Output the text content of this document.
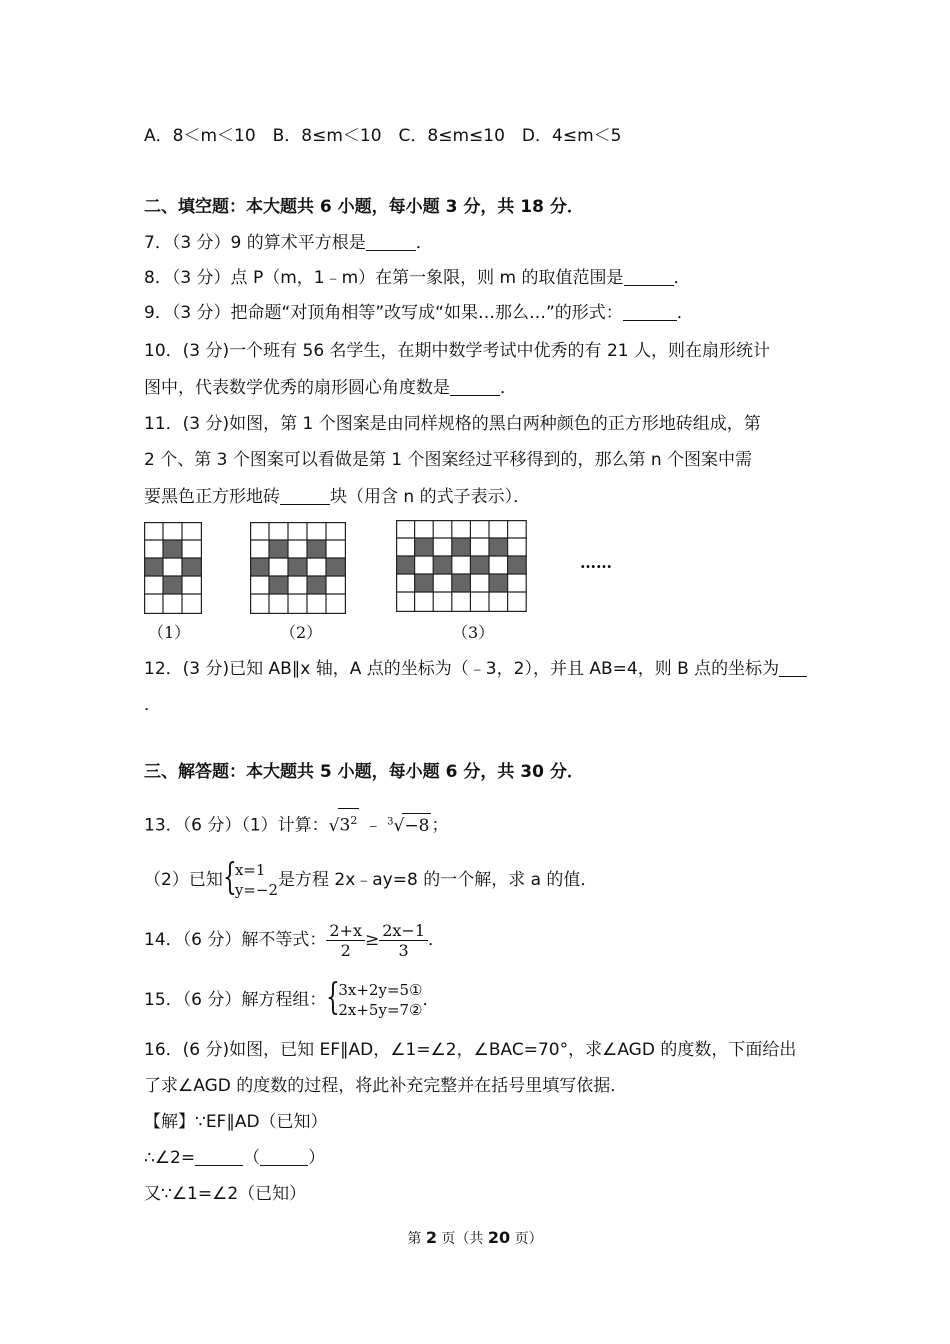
A．8＜m＜10　B．8≤m＜10　C．8≤m≤10　D．4≤m＜5
二、填空题：本大题共 6 小题，每小题 3 分，共 18 分．
7．（3 分）9 的算术平方根是	．
8．（3 分）点 P（m，1﹣m）在第一象限，则 m 的取值范围是	．
9．（3 分）把命题“对顶角相等”改写成“如果…那么…”的形式：	．
10．(3 分)一个班有 56 名学生，在期中数学考试中优秀的有 21 人，则在扇形统计
图中，代表数学优秀的扇形圆心角度数是	．
11．(3 分)如图，第 1 个图案是由同样规格的黑白两种颜色的正方形地砖组成，第
2 个、第 3 个图案可以看做是第 1 个图案经过平移得到的，那么第 n 个图案中需
要黑色正方形地砖	块（用含 n 的式子表示）．
（1）	（2）	（3）
……
12．(3 分)已知 AB∥x 轴，A 点的坐标为（﹣3，2），并且 AB=4，则 B 点的坐标为
．
三、解答题：本大题共 5 小题，每小题 6 分，共 30 分．
13．（6 分）（1）计算：$√3^2$ ﹣ $^3$√−8 ；
（2）已知 {
x=1
y=−2 是方程 2x﹣ay=8 的一个解，求 a 的值．
14．（6 分）解不等式： $\frac{2+x}{2} \ge \frac{2x-1}{3}$ ．
15．（6 分）解方程组： {
3x+2y=5①
2x+5y=7② ．
16．(6 分)如图，已知 EF∥AD，∠1=∠2，∠BAC=70°，求∠AGD 的度数，下面给出
了求∠AGD 的度数的过程，将此补充完整并在括号里填写依据．
【解】∵EF∥AD（已知）
∴∠2=	（	）
又∵∠1=∠2（已知）
第 2 页（共 20 页）
